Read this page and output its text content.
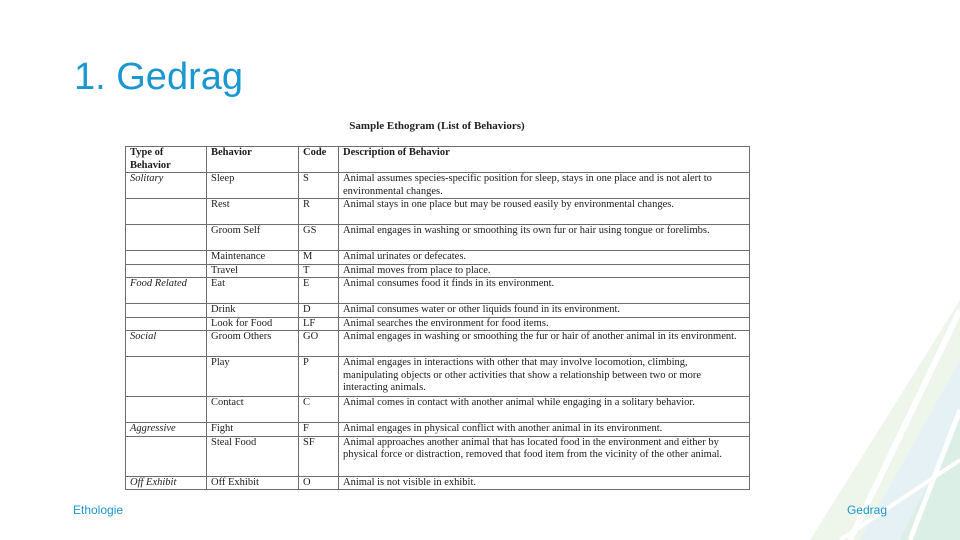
1. Gedrag
Sample Ethogram (List of Behaviors)
Type of Behavior	Behavior	Code	Description of Behavior
Solitary	Sleep	S	Animal assumes species-specific position for sleep, stays in one place and is not alert to environmental changes.
	Rest	R	Animal stays in one place but may be roused easily by environmental changes.
	Groom Self	GS	Animal engages in washing or smoothing its own fur or hair using tongue or forelimbs.
	Maintenance	M	Animal urinates or defecates.
	Travel	T	Animal moves from place to place.
Food Related	Eat	E	Animal consumes food it finds in its environment.
	Drink	D	Animal consumes water or other liquids found in its environment.
	Look for Food	LF	Animal searches the environment for food items.
Social	Groom Others	GO	Animal engages in washing or smoothing the fur or hair of another animal in its environment.
	Play	P	Animal engages in interactions with other that may involve locomotion, climbing, manipulating objects or other activities that show a relationship between two or more interacting animals.
	Contact	C	Animal comes in contact with another animal while engaging in a solitary behavior.
Aggressive	Fight	F	Animal engages in physical conflict with another animal in its environment.
	Steal Food	SF	Animal approaches another animal that has located food in the environment and either by physical force or distraction, removed that food item from the vicinity of the other animal.
Off Exhibit	Off Exhibit	O	Animal is not visible in exhibit.
Ethologie	Gedrag
